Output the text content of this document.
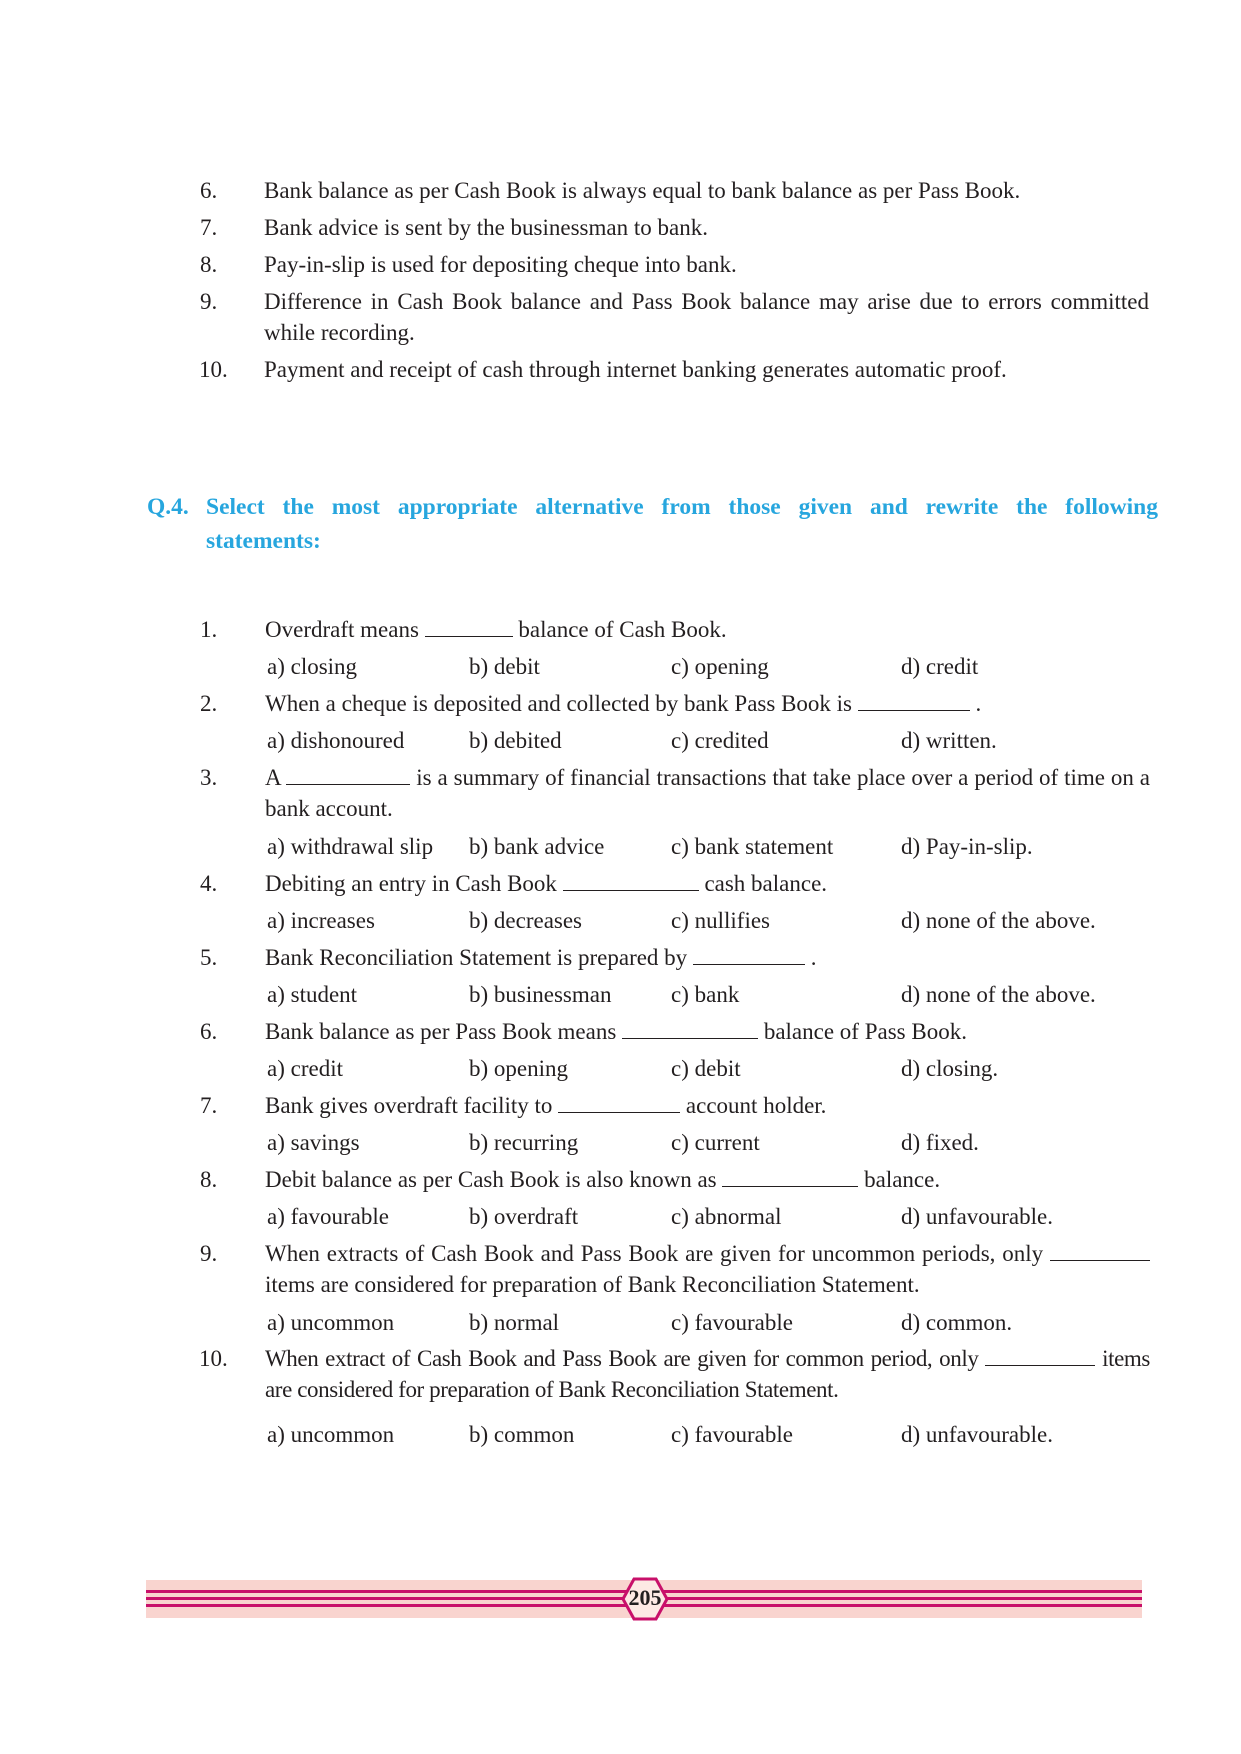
6. Bank balance as per Cash Book is always equal to bank balance as per Pass Book.
7. Bank advice is sent by the businessman to bank.
8. Pay-in-slip is used for depositing cheque into bank.
9. Difference in Cash Book balance and Pass Book balance may arise due to errors committed while recording.
10. Payment and receipt of cash through internet banking generates automatic proof.
Q.4. Select the most appropriate alternative from those given and rewrite the following statements:
1. Overdraft means	balance of Cash Book.
a) closing	b) debit	c) opening	d) credit
2. When a cheque is deposited and collected by bank Pass Book is	.
a) dishonoured	b) debited	c) credited	d) written.
3. A	is a summary of financial transactions that take place over a period of time on a bank account.
a) withdrawal slip b) bank advice	c) bank statement	d) Pay-in-slip.
4. Debiting an entry in Cash Book	cash balance.
a) increases	b) decreases	c) nullifies	d) none of the above.
5. Bank Reconciliation Statement is prepared by	.
a) student	b) businessman	c) bank	d) none of the above.
6. Bank balance as per Pass Book means	balance of Pass Book.
a) credit	b) opening	c) debit	d) closing.
7. Bank gives overdraft facility to	account holder.
a) savings	b) recurring	c) current	d) fixed.
8. Debit balance as per Cash Book is also known as	balance.
a) favourable	b) overdraft	c) abnormal	d) unfavourable.
9. When extracts of Cash Book and Pass Book are given for uncommon periods, only  items are considered for preparation of Bank Reconciliation Statement.
a) uncommon	b) normal	c) favourable	d) common.
10. When extract of Cash Book and Pass Book are given for common period, only	items are considered for preparation of Bank Reconciliation Statement.
a) uncommon	b) common	c) favourable	d) unfavourable.
205
